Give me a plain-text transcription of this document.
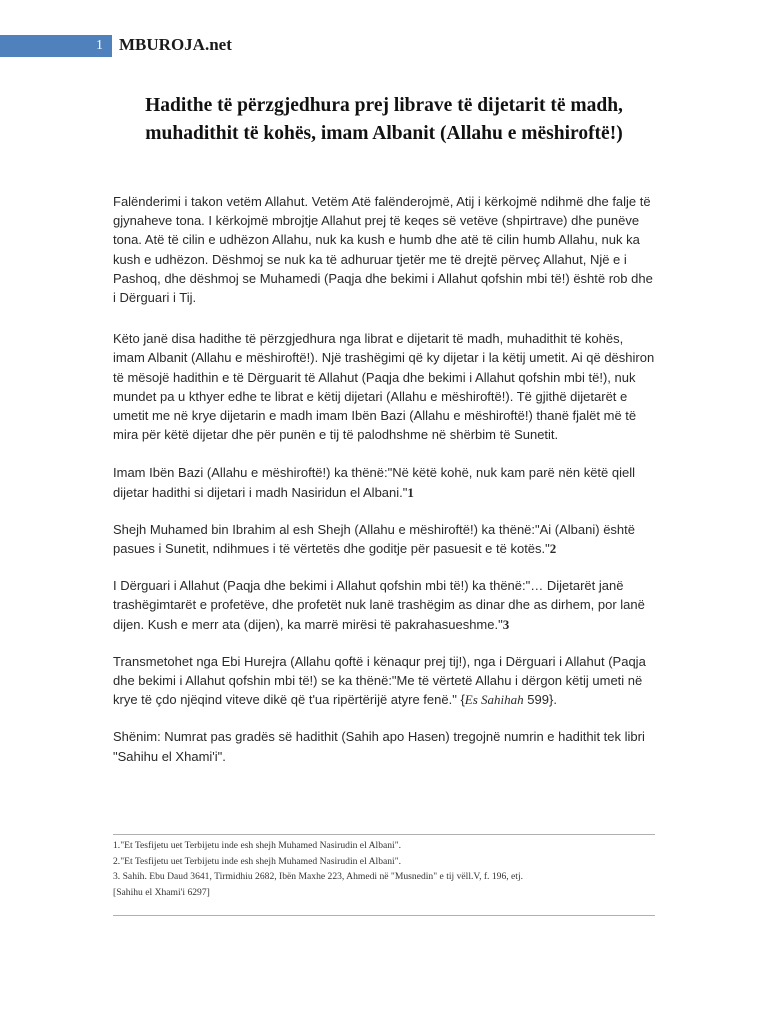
1 MBUROJA.net
Hadithe të përzgjedhura prej librave të dijetarit të madh, muhadithit të kohës, imam Albanit (Allahu e mëshiroftë!)

Falënderimi i takon vetëm Allahut. Vetëm Atë falënderojmë, Atij i kërkojmë ndihmë dhe falje të gjynaheve tona. I kërkojmë mbrojtje Allahut prej të keqes së vetëve (shpirtrave) dhe punëve tona. Atë të cilin e udhëzon Allahu, nuk ka kush e humb dhe atë të cilin humb Allahu, nuk ka kush e udhëzon. Dëshmoj se nuk ka të adhuruar tjetër me të drejtë përveç Allahut, Një e i Pashoq, dhe dëshmoj se Muhamedi (Paqja dhe bekimi i Allahut qofshin mbi të!) është rob dhe i Dërguari i Tij.

Këto janë disa hadithe të përzgjedhura nga librat e dijetarit të madh, muhadithit të kohës, imam Albanit (Allahu e mëshiroftë!). Një trashëgimi që ky dijetar i la këtij umetit. Ai që dëshiron të mësojë hadithin e të Dërguarit të Allahut (Paqja dhe bekimi i Allahut qofshin mbi të!), nuk mundet pa u kthyer edhe te librat e këtij dijetari (Allahu e mëshiroftë!). Të gjithë dijetarët e umetit me në krye dijetarin e madh imam Ibën Bazi (Allahu e mëshiroftë!) thanë fjalët më të mira për këtë dijetar dhe për punën e tij të palodhshme në shërbim të Sunetit.

Imam Ibën Bazi (Allahu e mëshiroftë!) ka thënë:"Në këtë kohë, nuk kam parë nën këtë qiell dijetar hadithi si dijetari i madh Nasiridun el Albani."1

Shejh Muhamed bin Ibrahim al esh Shejh (Allahu e mëshiroftë!) ka thënë:"Ai (Albani) është pasues i Sunetit, ndihmues i të vërtetës dhe goditje për pasuesit e të kotës."2

I Dërguari i Allahut (Paqja dhe bekimi i Allahut qofshin mbi të!) ka thënë:"… Dijetarët janë trashëgimtarët e profetëve, dhe profetët nuk lanë trashëgim as dinar dhe as dirhem, por lanë dijen. Kush e merr ata (dijen), ka marrë mirësi të pakrahasueshme."3

Transmetohet nga Ebi Hurejra (Allahu qoftë i kënaqur prej tij!), nga i Dërguari i Allahut (Paqja dhe bekimi i Allahut qofshin mbi të!) se ka thënë:"Me të vërtetë Allahu i dërgon këtij umeti në krye të çdo njëqind viteve dikë që t'ua ripërtërijë atyre fenë." {Es Sahihah 599}.

Shënim: Numrat pas gradës së hadithit (Sahih apo Hasen) tregojnë numrin e hadithit tek libri "Sahihu el Xhami'i".

1."Et Tesfijetu uet Terbijetu inde esh shejh Muhamed Nasirudin el Albani".
2."Et Tesfijetu uet Terbijetu inde esh shejh Muhamed Nasirudin el Albani".
3. Sahih. Ebu Daud 3641, Tirmidhiu 2682, Ibën Maxhe 223, Ahmedi në "Musnedin" e tij vëll.V, f. 196, etj.
[Sahihu el Xhami'i 6297]
